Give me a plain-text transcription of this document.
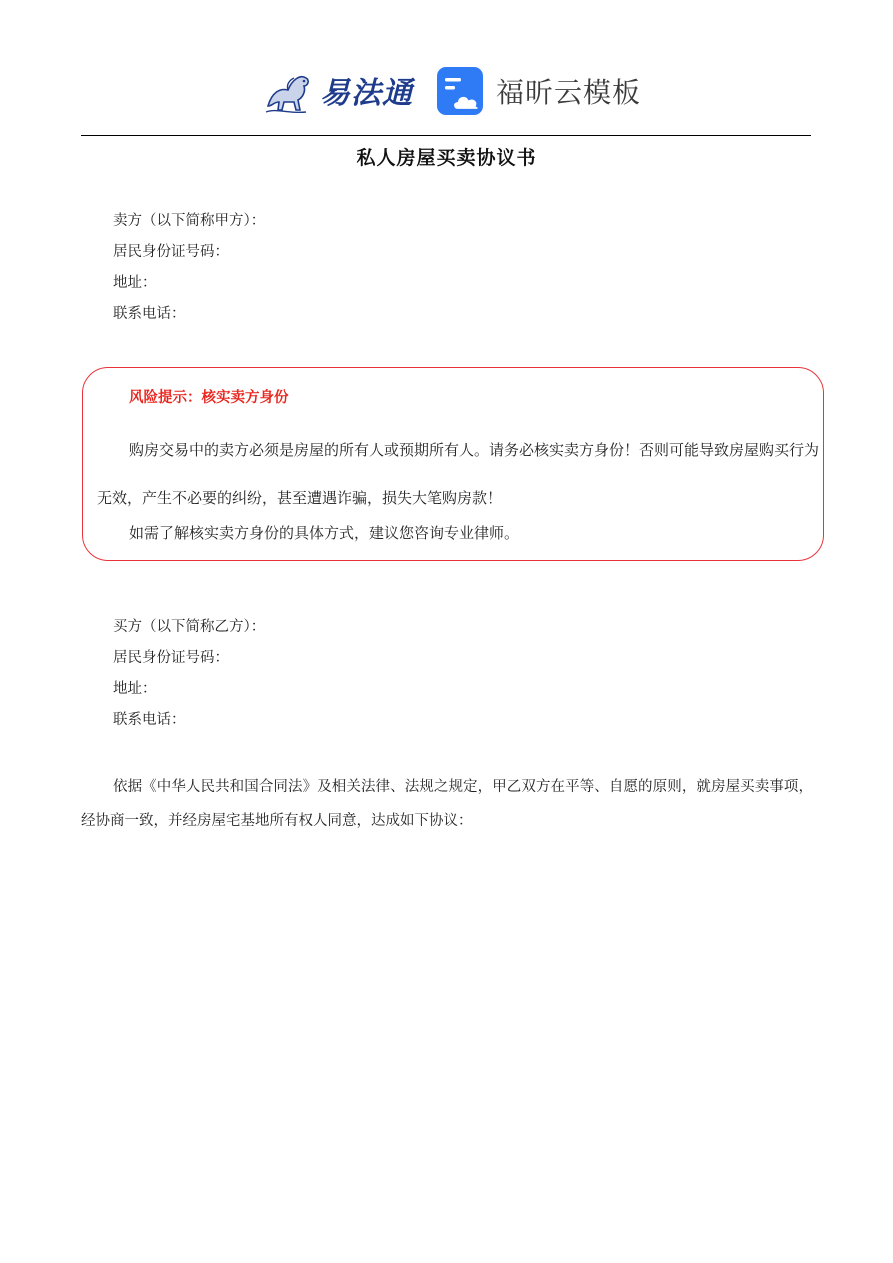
易法通	福昕云模板
私人房屋买卖协议书
卖方（以下简称甲方）：
居民身份证号码：
地址：
联系电话：
风险提示：核实卖方身份
购房交易中的卖方必须是房屋的所有人或预期所有人。请务必核实卖方身份！否则可能导致房屋购买行为无效，产生不必要的纠纷，甚至遭遇诈骗，损失大笔购房款！
如需了解核实卖方身份的具体方式，建议您咨询专业律师。
买方（以下简称乙方）：
居民身份证号码：
地址：
联系电话：
依据《中华人民共和国合同法》及相关法律、法规之规定，甲乙双方在平等、自愿的原则，就房屋买卖事项，经协商一致，并经房屋宅基地所有权人同意，达成如下协议：
